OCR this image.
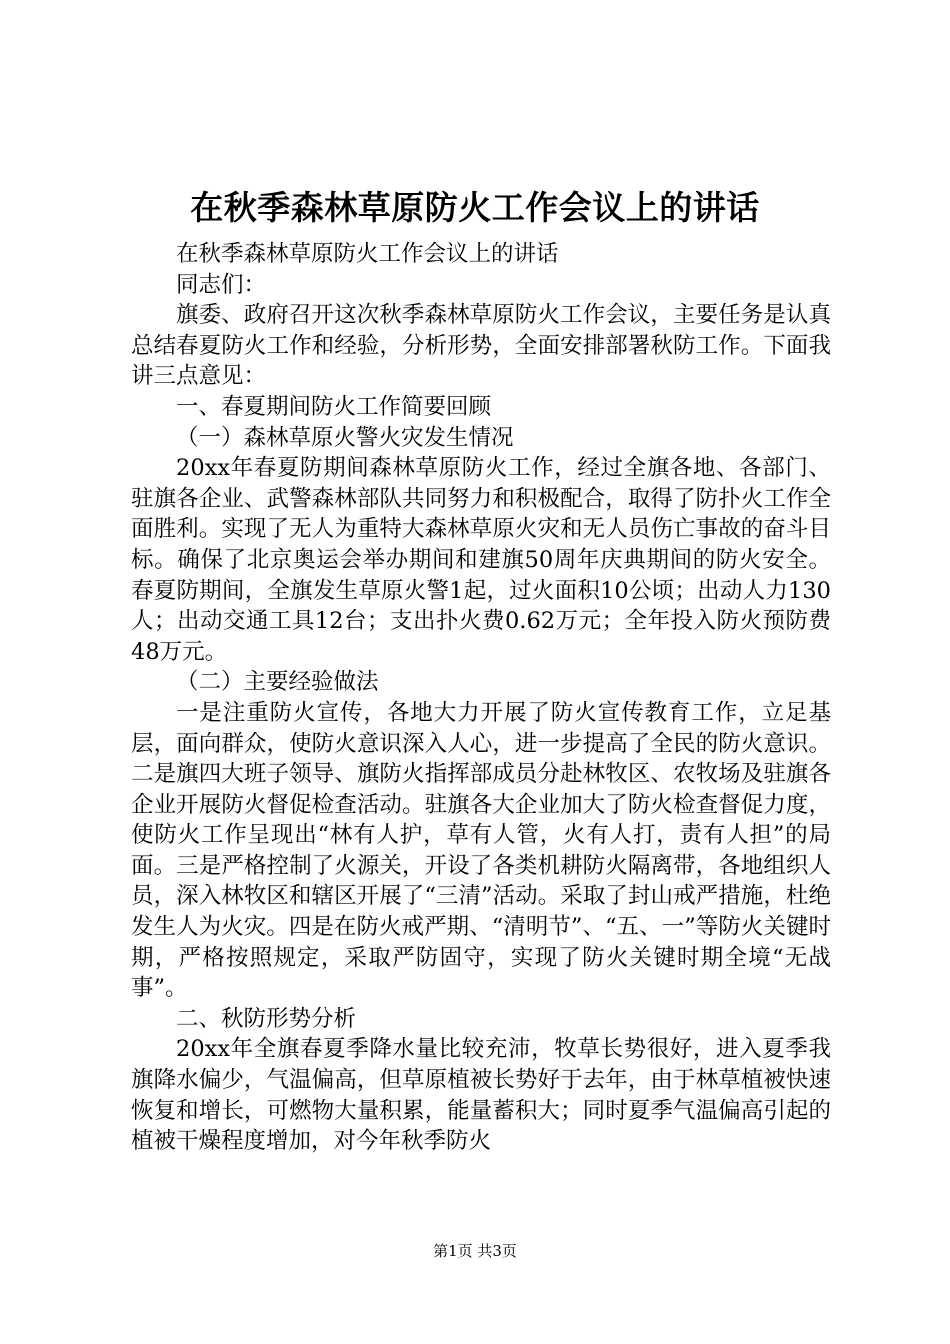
在秋季森林草原防火工作会议上的讲话

在秋季森林草原防火工作会议上的讲话

同志们：

旗委、政府召开这次秋季森林草原防火工作会议，主要任务是认真总结春夏防火工作和经验，分析形势，全面安排部署秋防工作。下面我讲三点意见：

一、春夏期间防火工作简要回顾

（一）森林草原火警火灾发生情况

20xx年春夏防期间森林草原防火工作，经过全旗各地、各部门、驻旗各企业、武警森林部队共同努力和积极配合，取得了防扑火工作全面胜利。实现了无人为重特大森林草原火灾和无人员伤亡事故的奋斗目标。确保了北京奥运会举办期间和建旗50周年庆典期间的防火安全。春夏防期间，全旗发生草原火警1起，过火面积10公顷；出动人力130人；出动交通工具12台；支出扑火费0.62万元；全年投入防火预防费48万元。

（二）主要经验做法

一是注重防火宣传，各地大力开展了防火宣传教育工作，立足基层，面向群众，使防火意识深入人心，进一步提高了全民的防火意识。二是旗四大班子领导、旗防火指挥部成员分赴林牧区、农牧场及驻旗各企业开展防火督促检查活动。驻旗各大企业加大了防火检查督促力度，使防火工作呈现出“林有人护，草有人管，火有人打，责有人担”的局面。三是严格控制了火源关，开设了各类机耕防火隔离带，各地组织人员，深入林牧区和辖区开展了“三清”活动。采取了封山戒严措施，杜绝发生人为火灾。四是在防火戒严期、“清明节”、“五、一”等防火关键时期，严格按照规定，采取严防固守，实现了防火关键时期全境“无战事”。

二、秋防形势分析

20xx年全旗春夏季降水量比较充沛，牧草长势很好，进入夏季我旗降水偏少，气温偏高，但草原植被长势好于去年，由于林草植被快速恢复和增长，可燃物大量积累，能量蓄积大；同时夏季气温偏高引起的植被干燥程度增加，对今年秋季防火

第1页 共3页
